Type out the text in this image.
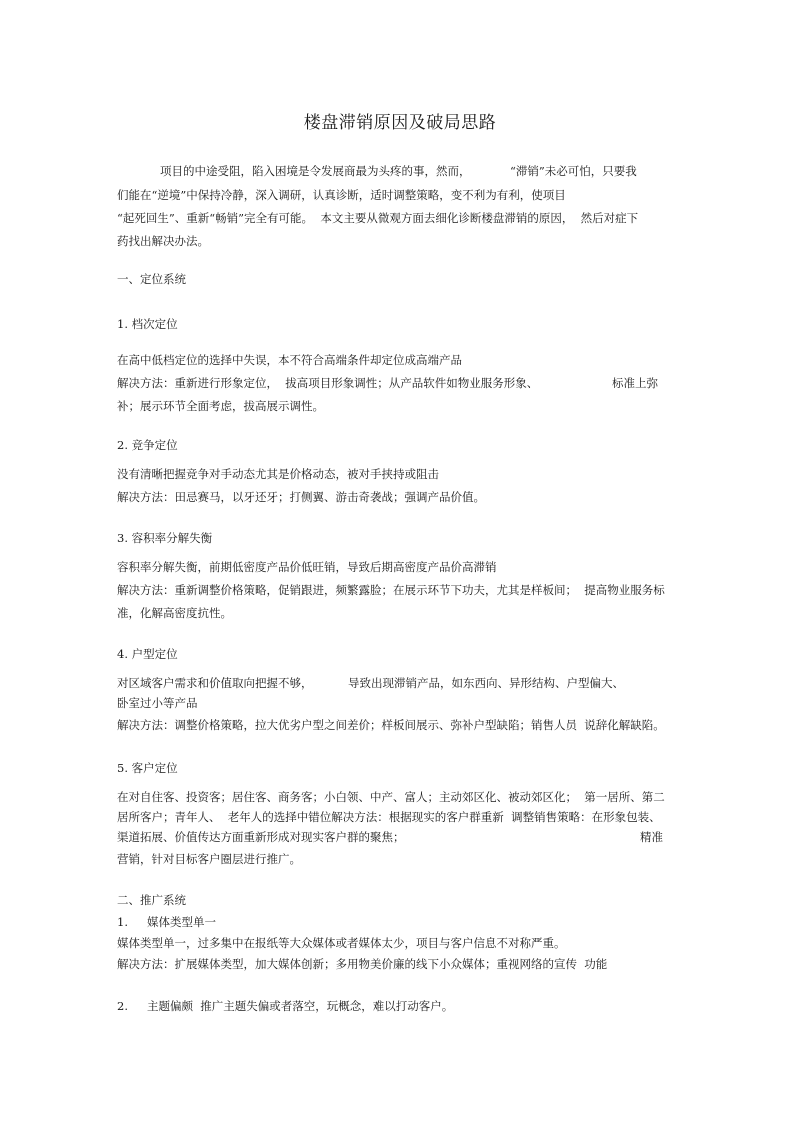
楼盘滞销原因及破局思路
项目的中途受阻，陷入困境是令发展商最为头疼的事，然而，	“滞销”未必可怕，只要我
们能在“逆境”中保持冷静，深入调研，认真诊断，适时调整策略，变不利为有利，使项目
“起死回生”、重新“畅销”完全有可能。  本文主要从微观方面去细化诊断楼盘滞销的原因，  然后对症下
药找出解决办法。
一、定位系统
1. 档次定位
在高中低档定位的选择中失误，本不符合高端条件却定位成高端产品
解决方法：重新进行形象定位，  拔高项目形象调性；从产品软件如物业服务形象、	标准上弥
补；展示环节全面考虑，拔高展示调性。
2. 竞争定位
没有清晰把握竞争对手动态尤其是价格动态，被对手挟持或阻击
解决方法：田忌赛马，以牙还牙；打侧翼、游击奇袭战；强调产品价值。
3. 容积率分解失衡
容积率分解失衡，前期低密度产品价低旺销，导致后期高密度产品价高滞销
解决方法：重新调整价格策略，促销跟进，频繁露脸；在展示环节下功夫，尤其是样板间；  提高物业服务标
准，化解高密度抗性。
4. 户型定位
对区域客户需求和价值取向把握不够，	导致出现滞销产品，如东西向、异形结构、户型偏大、
卧室过小等产品
解决方法：调整价格策略，拉大优劣户型之间差价；样板间展示、弥补户型缺陷；销售人员  说辞化解缺陷。
5. 客户定位
在对自住客、投资客；居住客、商务客；小白领、中产、富人；主动郊区化、被动郊区化；  第一居所、第二
居所客户；青年人、  老年人的选择中错位解决方法：根据现实的客户群重新  调整销售策略：在形象包装、
渠道拓展、价值传达方面重新形成对现实客户群的聚焦；	精准
营销，针对目标客户圈层进行推广。
二、推广系统
1. 媒体类型单一
媒体类型单一，过多集中在报纸等大众媒体或者媒体太少，项目与客户信息不对称严重。
解决方法：扩展媒体类型，加大媒体创新；多用物美价廉的线下小众媒体；重视网络的宣传  功能
2. 主题偏颇  推广主题失偏或者落空，玩概念，难以打动客户。
